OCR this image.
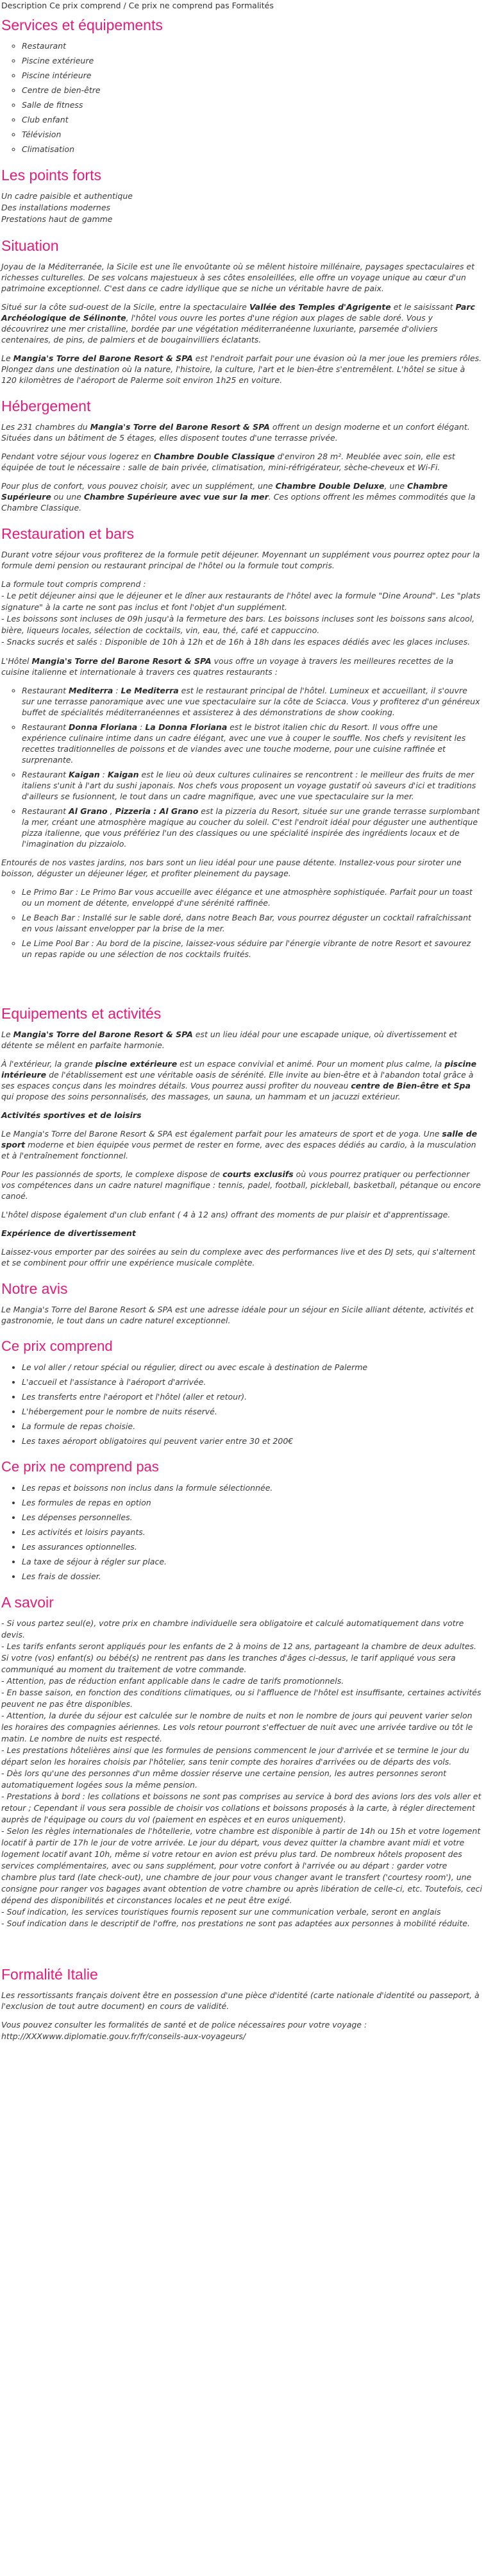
Description Ce prix comprend / Ce prix ne comprend pas Formalités
Services et équipements
◦ Restaurant
◦ Piscine extérieure
◦ Piscine intérieure
◦ Centre de bien-être
◦ Salle de fitness
◦ Club enfant
◦ Télévision
◦ Climatisation
Les points forts

Un cadre paisible et authentique
Des installations modernes
Prestations haut de gamme

Situation

Joyau de la Méditerranée, la Sicile est une île envoûtante où se mêlent histoire millénaire, paysages spectaculaires et richesses culturelles. De ses volcans majestueux à ses côtes ensoleillées, elle offre un voyage unique au cœur d'un patrimoine exceptionnel. C'est dans ce cadre idyllique que se niche un véritable havre de paix.

Situé sur la côte sud-ouest de la Sicile, entre la spectaculaire Vallée des Temples d'Agrigente et le saisissant Parc Archéologique de Sélinonte, l'hôtel vous ouvre les portes d'une région aux plages de sable doré. Vous y découvrirez une mer cristalline, bordée par une végétation méditerranéenne luxuriante, parsemée d'oliviers centenaires, de pins, de palmiers et de bougainvilliers éclatants.

Le Mangia's Torre del Barone Resort & SPA est l'endroit parfait pour une évasion où la mer joue les premiers rôles. Plongez dans une destination où la nature, l'histoire, la culture, l'art et le bien-être s'entremêlent. L'hôtel se situe à 120 kilomètres de l'aéroport de Palerme soit environ 1h25 en voiture.

Hébergement

Les 231 chambres du Mangia's Torre del Barone Resort & SPA offrent un design moderne et un confort élégant. Situées dans un bâtiment de 5 étages, elles disposent toutes d'une terrasse privée.

Pendant votre séjour vous logerez en Chambre Double Classique d'environ 28 m². Meublée avec soin, elle est équipée de tout le nécessaire : salle de bain privée, climatisation, mini-réfrigérateur, sèche-cheveux et Wi-Fi.

Pour plus de confort, vous pouvez choisir, avec un supplément, une Chambre Double Deluxe, une Chambre Supérieure ou une Chambre Supérieure avec vue sur la mer. Ces options offrent les mêmes commodités que la Chambre Classique.

Restauration et bars

Durant votre séjour vous profiterez de la formule petit déjeuner. Moyennant un supplément vous pourrez optez pour la formule demi pension ou restaurant principal de l'hôtel ou la formule tout compris.

La formule tout compris comprend :
- Le petit déjeuner ainsi que le déjeuner et le dîner aux restaurants de l'hôtel avec la formule "Dine Around". Les "plats signature" à la carte ne sont pas inclus et font l'objet d'un supplément.
- Les boissons sont incluses de 09h jusqu'à la fermeture des bars. Les boissons incluses sont les boissons sans alcool, bière, liqueurs locales, sélection de cocktails, vin, eau, thé, café et cappuccino.
- Snacks sucrés et salés : Disponible de 10h à 12h et de 16h à 18h dans les espaces dédiés avec les glaces incluses.

L'Hôtel Mangia's Torre del Barone Resort & SPA vous offre un voyage à travers les meilleures recettes de la cuisine italienne et internationale à travers ces quatres restaurants :

◦ Restaurant Mediterra : Le Mediterra est le restaurant principal de l'hôtel. Lumineux et accueillant, il s'ouvre sur une terrasse panoramique avec une vue spectaculaire sur la côte de Sciacca. Vous y profiterez d'un généreux buffet de spécialités méditerranéennes et assisterez à des démonstrations de show cooking.
◦ Restaurant Donna Floriana : La Donna Floriana est le bistrot italien chic du Resort. Il vous offre une expérience culinaire intime dans un cadre élégant, avec une vue à couper le souffle. Nos chefs y revisitent les recettes traditionnelles de poissons et de viandes avec une touche moderne, pour une cuisine raffinée et surprenante.
◦ Restaurant Kaigan : Kaigan est le lieu où deux cultures culinaires se rencontrent : le meilleur des fruits de mer italiens s'unit à l'art du sushi japonais. Nos chefs vous proposent un voyage gustatif où saveurs d'ici et traditions d'ailleurs se fusionnent, le tout dans un cadre magnifique, avec une vue spectaculaire sur la mer.
◦ Restaurant Al Grano , Pizzeria : Al Grano est la pizzeria du Resort, située sur une grande terrasse surplombant la mer, créant une atmosphère magique au coucher du soleil. C'est l'endroit idéal pour déguster une authentique pizza italienne, que vous préfériez l'un des classiques ou une spécialité inspirée des ingrédients locaux et de l'imagination du pizzaiolo.

Entourés de nos vastes jardins, nos bars sont un lieu idéal pour une pause détente. Installez-vous pour siroter une boisson, déguster un déjeuner léger, et profiter pleinement du paysage.

◦ Le Primo Bar : Le Primo Bar vous accueille avec élégance et une atmosphère sophistiquée. Parfait pour un toast ou un moment de détente, enveloppé d'une sérénité raffinée.
◦ Le Beach Bar : Installé sur le sable doré, dans notre Beach Bar, vous pourrez déguster un cocktail rafraîchissant en vous laissant envelopper par la brise de la mer.
◦ Le Lime Pool Bar : Au bord de la piscine, laissez-vous séduire par l'énergie vibrante de notre Resort et savourez un repas rapide ou une sélection de nos cocktails fruités.
Equipements et activités

Le Mangia's Torre del Barone Resort & SPA est un lieu idéal pour une escapade unique, où divertissement et détente se mêlent en parfaite harmonie.

À l'extérieur, la grande piscine extérieure est un espace convivial et animé. Pour un moment plus calme, la piscine intérieure de l'établissement est une véritable oasis de sérénité. Elle invite au bien-être et à l'abandon total grâce à ses espaces conçus dans les moindres détails. Vous pourrez aussi profiter du nouveau centre de Bien-être et Spa qui propose des soins personnalisés, des massages, un sauna, un hammam et un jacuzzi extérieur.

Activités sportives et de loisirs

Le Mangia's Torre del Barone Resort & SPA est également parfait pour les amateurs de sport et de yoga. Une salle de sport moderne et bien équipée vous permet de rester en forme, avec des espaces dédiés au cardio, à la musculation et à l'entraînement fonctionnel.

Pour les passionnés de sports, le complexe dispose de courts exclusifs où vous pourrez pratiquer ou perfectionner vos compétences dans un cadre naturel magnifique : tennis, padel, football, pickleball, basketball, pétanque ou encore canoé.

L'hôtel dispose également d'un club enfant ( 4 à 12 ans) offrant des moments de pur plaisir et d'apprentissage.

Expérience de divertissement

Laissez-vous emporter par des soirées au sein du complexe avec des performances live et des DJ sets, qui s'alternent et se combinent pour offrir une expérience musicale complète.

Notre avis

Le Mangia's Torre del Barone Resort & SPA est une adresse idéale pour un séjour en Sicile alliant détente, activités et gastronomie, le tout dans un cadre naturel exceptionnel.

Ce prix comprend
• Le vol aller / retour spécial ou régulier, direct ou avec escale à destination de Palerme
• L'accueil et l'assistance à l'aéroport d'arrivée.
• Les transferts entre l'aéroport et l'hôtel (aller et retour).
• L'hébergement pour le nombre de nuits réservé.
• La formule de repas choisie.
• Les taxes aéroport obligatoires qui peuvent varier entre 30 et 200€
Ce prix ne comprend pas
• Les repas et boissons non inclus dans la formule sélectionnée.
• Les formules de repas en option
• Les dépenses personnelles.
• Les activités et loisirs payants.
• Les assurances optionnelles.
• La taxe de séjour à régler sur place.
• Les frais de dossier.
A savoir

- Si vous partez seul(e), votre prix en chambre individuelle sera obligatoire et calculé automatiquement dans votre devis.
- Les tarifs enfants seront appliqués pour les enfants de 2 à moins de 12 ans, partageant la chambre de deux adultes. Si votre (vos) enfant(s) ou bébé(s) ne rentrent pas dans les tranches d'âges ci-dessus, le tarif appliqué vous sera communiqué au moment du traitement de votre commande.
- Attention, pas de réduction enfant applicable dans le cadre de tarifs promotionnels.
- En basse saison, en fonction des conditions climatiques, ou si l'affluence de l'hôtel est insuffisante, certaines activités peuvent ne pas être disponibles.
- Attention, la durée du séjour est calculée sur le nombre de nuits et non le nombre de jours qui peuvent varier selon les horaires des compagnies aériennes. Les vols retour pourront s'effectuer de nuit avec une arrivée tardive ou tôt le matin. Le nombre de nuits est respecté.
- Les prestations hôtelières ainsi que les formules de pensions commencent le jour d'arrivée et se termine le jour du départ selon les horaires choisis par l'hôtelier, sans tenir compte des horaires d'arrivées ou de départs des vols.
- Dès lors qu'une des personnes d'un même dossier réserve une certaine pension, les autres personnes seront automatiquement logées sous la même pension.
- Prestations à bord : les collations et boissons ne sont pas comprises au service à bord des avions lors des vols aller et retour ; Cependant il vous sera possible de choisir vos collations et boissons proposés à la carte, à régler directement auprès de l'équipage ou cours du vol (paiement en espèces et en euros uniquement).
- Selon les règles internationales de l'hôtellerie, votre chambre est disponible à partir de 14h ou 15h et votre logement locatif à partir de 17h le jour de votre arrivée. Le jour du départ, vous devez quitter la chambre avant midi et votre logement locatif avant 10h, même si votre retour en avion est prévu plus tard. De nombreux hôtels proposent des services complémentaires, avec ou sans supplément, pour votre confort à l'arrivée ou au départ : garder votre chambre plus tard (late check-out), une chambre de jour pour vous changer avant le transfert ('courtesy room'), une consigne pour ranger vos bagages avant obtention de votre chambre ou après libération de celle-ci, etc. Toutefois, ceci dépend des disponibilités et circonstances locales et ne peut être exigé.
- Souf indication, les services touristiques fournis reposent sur une communication verbale, seront en anglais
- Souf indication dans le descriptif de l'offre, nos prestations ne sont pas adaptées aux personnes à mobilité réduite.

Formalité Italie

Les ressortissants français doivent être en possession d'une pièce d'identité (carte nationale d'identité ou passeport, à l'exclusion de tout autre document) en cours de validité.

Vous pouvez consulter les formalités de santé et de police nécessaires pour votre voyage :
http://XXXwww.diplomatie.gouv.fr/fr/conseils-aux-voyageurs/
